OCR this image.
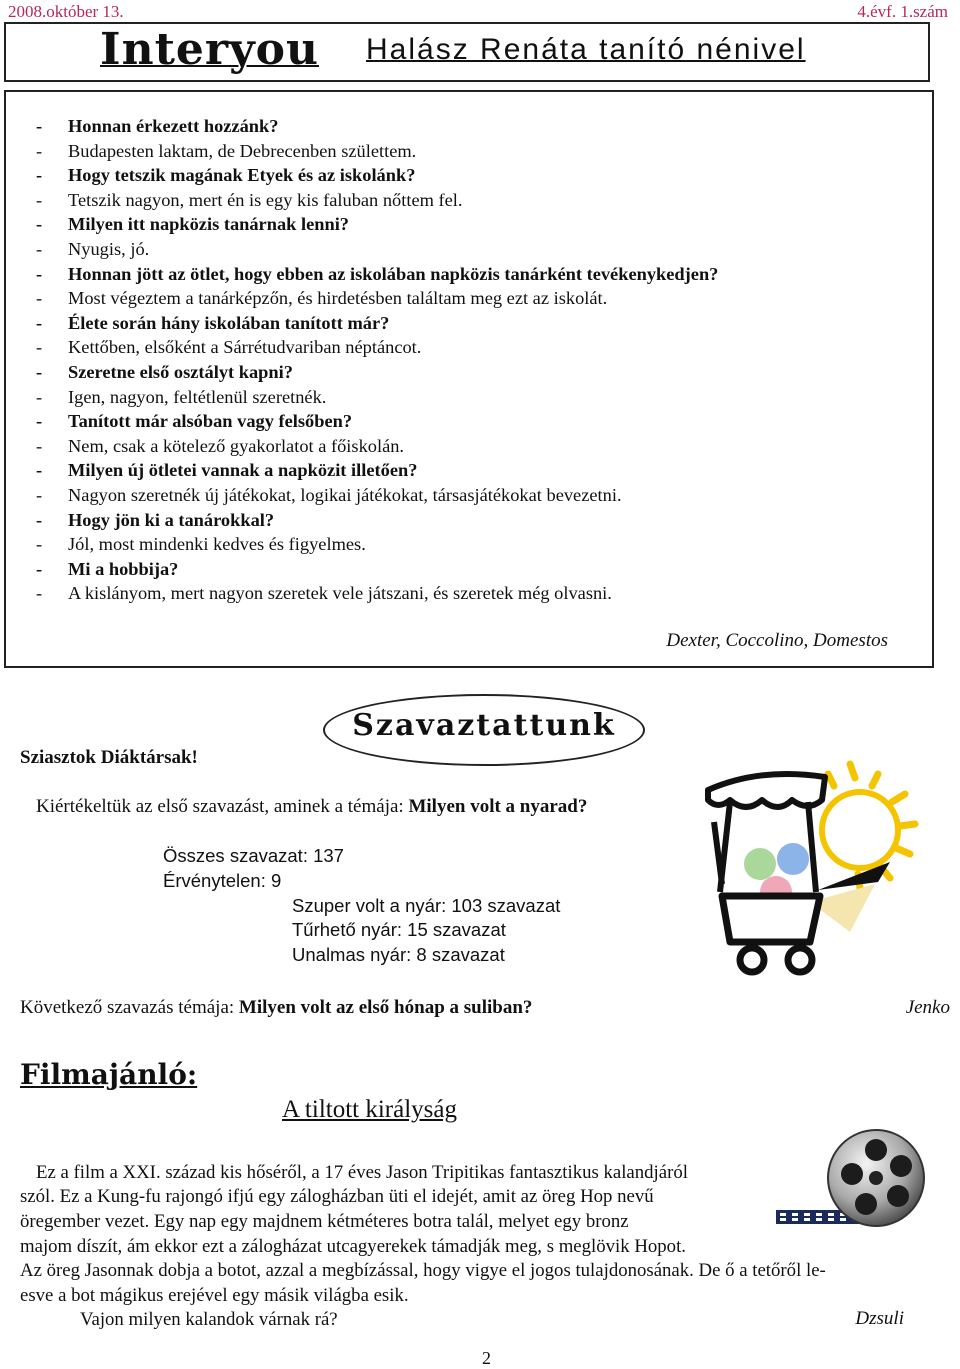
2008.október 13.	4.évf. 1.szám
Interyou Halász Renáta tanító nénivel
- Honnan érkezett hozzánk?
- Budapesten laktam, de Debrecenben születtem.
- Hogy tetszik magának Etyek és az iskolánk?
- Tetszik nagyon, mert én is egy kis faluban nőttem fel.
- Milyen itt napközis tanárnak lenni?
- Nyugis, jó.
- Honnan jött az ötlet, hogy ebben az iskolában napközis tanárként tevékenykedjen?
- Most végeztem a tanárképzőn, és hirdetésben találtam meg ezt az iskolát.
- Élete során hány iskolában tanított már?
- Kettőben, elsőként a Sárrétudvariban néptáncot.
- Szeretne első osztályt kapni?
- Igen, nagyon, feltétlenül szeretnék.
- Tanított már alsóban vagy felsőben?
- Nem, csak a kötelező gyakorlatot a főiskolán.
- Milyen új ötletei vannak a napközit illetően?
- Nagyon szeretnék új játékokat, logikai játékokat, társasjátékokat bevezetni.
- Hogy jön ki a tanárokkal?
- Jól, most mindenki kedves és figyelmes.
- Mi a hobbija?
- A kislányom, mert nagyon szeretek vele játszani, és szeretek még olvasni.
Dexter, Coccolino, Domestos
Szavaztattunk
Sziasztok Diáktársak!
Kiértékeltük az első szavazást, aminek a témája: Milyen volt a nyarad?
Összes szavazat: 137
Érvénytelen: 9
Szuper volt a nyár: 103 szavazat
Tűrhető nyár: 15 szavazat
Unalmas nyár: 8 szavazat
Következő szavazás témája: Milyen volt az első hónap a suliban?	Jenko
Filmajánló:
A tiltott királyság
Ez a film a XXI. század kis hőséről, a 17 éves Jason Tripitikas fantasztikus kalandjáról
szól. Ez a Kung-fu rajongó ifjú egy zálogházban üti el idejét, amit az öreg Hop nevű
öregember vezet. Egy nap egy majdnem kétméteres botra talál, melyet egy bronz
majom díszít, ám ekkor ezt a zálogházat utcagyerekek támadják meg, s meglövik Hopot.
Az öreg Jasonnak dobja a botot, azzal a megbízással, hogy vigye el jogos tulajdonosának. De ő a tetőről le-
esve a bot mágikus erejével egy másik világba esik.
Vajon milyen kalandok várnak rá?	Dzsuli
2
